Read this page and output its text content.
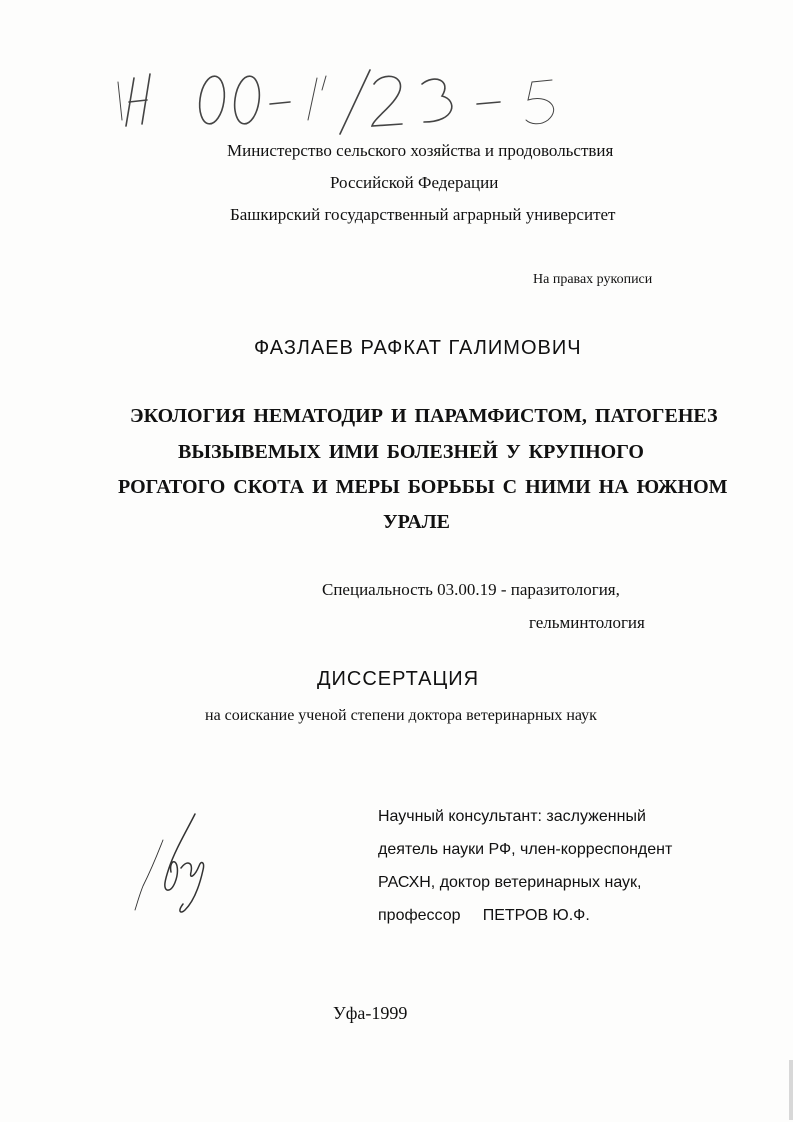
Министерство сельского хозяйства и продовольствия
Российской Федерации
Башкирский государственный аграрный университет
На правах рукописи
ФАЗЛАЕВ РАФКАТ ГАЛИМОВИЧ
ЭКОЛОГИЯ НЕМАТОДИР И ПАРАМФИСТОМ, ПАТОГЕНЕЗ
ВЫЗЫВЕМЫХ ИМИ БОЛЕЗНЕЙ У КРУПНОГО
РОГАТОГО СКОТА И МЕРЫ БОРЬБЫ С НИМИ НА ЮЖНОМ
УРАЛЕ
Специальность 03.00.19 - паразитология,
гельминтология
ДИССЕРТАЦИЯ
на соискание ученой степени доктора ветеринарных наук
Научный консультант: заслуженный
деятель науки РФ, член-корреспондент
РАСХН, доктор ветеринарных наук,
профессор     ПЕТРОВ Ю.Ф.
Уфа-1999
